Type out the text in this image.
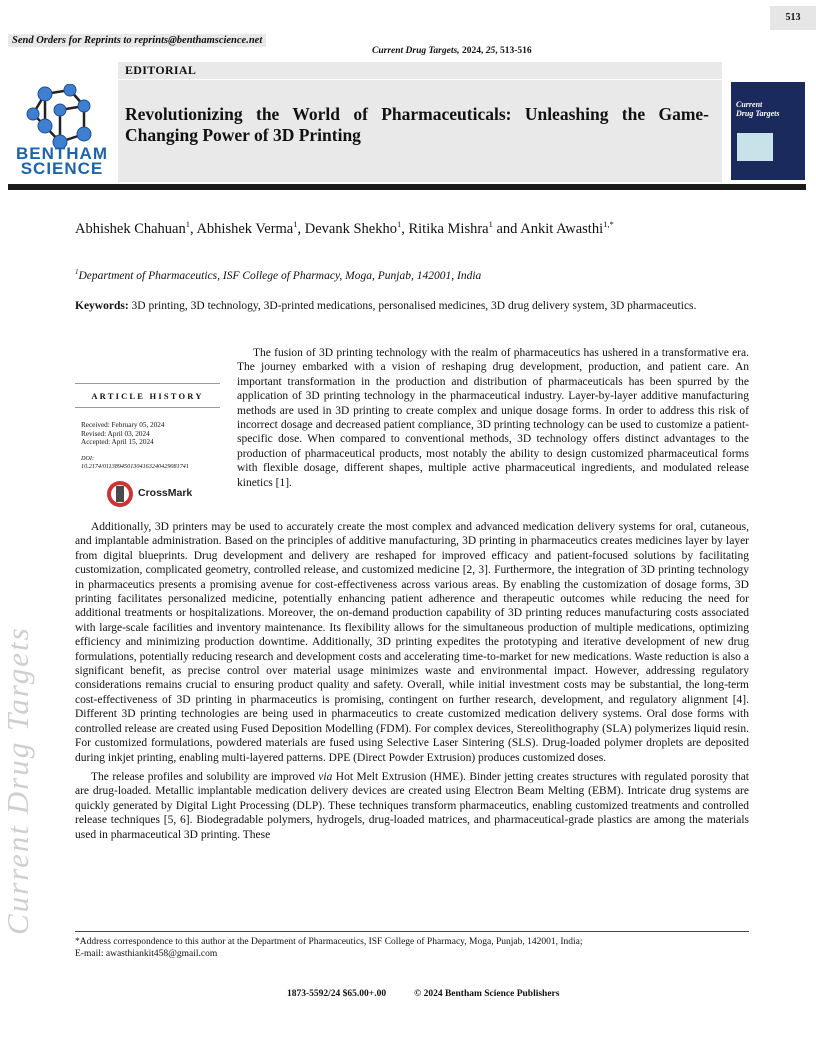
513
Send Orders for Reprints to reprints@benthamscience.net
Current Drug Targets, 2024, 25, 513-516
BENTHAM
SCIENCE
EDITORIAL
Revolutionizing the World of Pharmaceuticals: Unleashing the Game-Changing Power of 3D Printing
Current
Drug Targets
Abhishek Chahuan$^1$, Abhishek Verma$^1$, Devank Shekho$^1$, Ritika Mishra$^1$ and Ankit Awasthi$^{1,*}$
$^1$Department of Pharmaceutics, ISF College of Pharmacy, Moga, Punjab, 142001, India
Keywords: 3D printing, 3D technology, 3D-printed medications, personalised medicines, 3D drug delivery system, 3D pharmaceutics.
ARTICLE HISTORY
Received: February 05, 2024
Revised: April 03, 2024
Accepted: April 15, 2024
DOI:
10.2174/0113894501304163240429081741
CrossMark

The fusion of 3D printing technology with the realm of pharmaceutics has ushered in a transformative era. The journey embarked with a vision of reshaping drug development, production, and patient care. An important transformation in the production and distribution of pharmaceuticals has been spurred by the application of 3D printing technology in the pharmaceutical industry. Layer-by-layer additive manufacturing methods are used in 3D printing to create complex and unique dosage forms. In order to address this risk of incorrect dosage and decreased patient compliance, 3D printing technology can be used to customize a patient-specific dose. When compared to conventional methods, 3D technology offers distinct advantages to the production of pharmaceutical products, most notably the ability to design customized pharmaceutical forms with flexible dosage, different shapes, multiple active pharmaceutical ingredients, and modulated release kinetics [1].

Additionally, 3D printers may be used to accurately create the most complex and advanced medication delivery systems for oral, cutaneous, and implantable administration. Based on the principles of additive manufacturing, 3D printing in pharmaceutics creates medicines layer by layer from digital blueprints. Drug development and delivery are reshaped for improved efficacy and patient-focused solutions by facilitating customization, complicated geometry, controlled release, and customized medicine [2, 3]. Furthermore, the integration of 3D printing technology in pharmaceutics presents a promising avenue for cost-effectiveness across various areas. By enabling the customization of dosage forms, 3D printing facilitates personalized medicine, potentially enhancing patient adherence and therapeutic outcomes while reducing the need for additional treatments or hospitalizations. Moreover, the on-demand production capability of 3D printing reduces manufacturing costs associated with large-scale facilities and inventory maintenance. Its flexibility allows for the simultaneous production of multiple medications, optimizing efficiency and minimizing production downtime. Additionally, 3D printing expedites the prototyping and iterative development of new drug formulations, potentially reducing research and development costs and accelerating time-to-market for new medications. Waste reduction is also a significant benefit, as precise control over material usage minimizes waste and environmental impact. However, addressing regulatory considerations remains crucial to ensuring product quality and safety. Overall, while initial investment costs may be substantial, the long-term cost-effectiveness of 3D printing in pharmaceutics is promising, contingent on further research, development, and regulatory alignment [4]. Different 3D printing technologies are being used in pharmaceutics to create customized medication delivery systems. Oral dose forms with controlled release are created using Fused Deposition Modelling (FDM). For complex devices, Stereolithography (SLA) polymerizes liquid resin. For customized formulations, powdered materials are fused using Selective Laser Sintering (SLS). Drug-loaded polymer droplets are deposited during inkjet printing, enabling multi-layered patterns. DPE (Direct Powder Extrusion) produces customized doses.

The release profiles and solubility are improved via Hot Melt Extrusion (HME). Binder jetting creates structures with regulated porosity that are drug-loaded. Metallic implantable medication delivery devices are created using Electron Beam Melting (EBM). Intricate drug systems are quickly generated by Digital Light Processing (DLP). These techniques transform pharmaceutics, enabling customized treatments and controlled release techniques [5, 6]. Biodegradable polymers, hydrogels, drug-loaded matrices, and pharmaceutical-grade plastics are among the materials used in pharmaceutical 3D printing. These

Current Drug Targets
*Address correspondence to this author at the Department of Pharmaceutics, ISF College of Pharmacy, Moga, Punjab, 142001, India;
E-mail: awasthiankit458@gmail.com
1873-5592/24 $65.00+.00	© 2024 Bentham Science Publishers
